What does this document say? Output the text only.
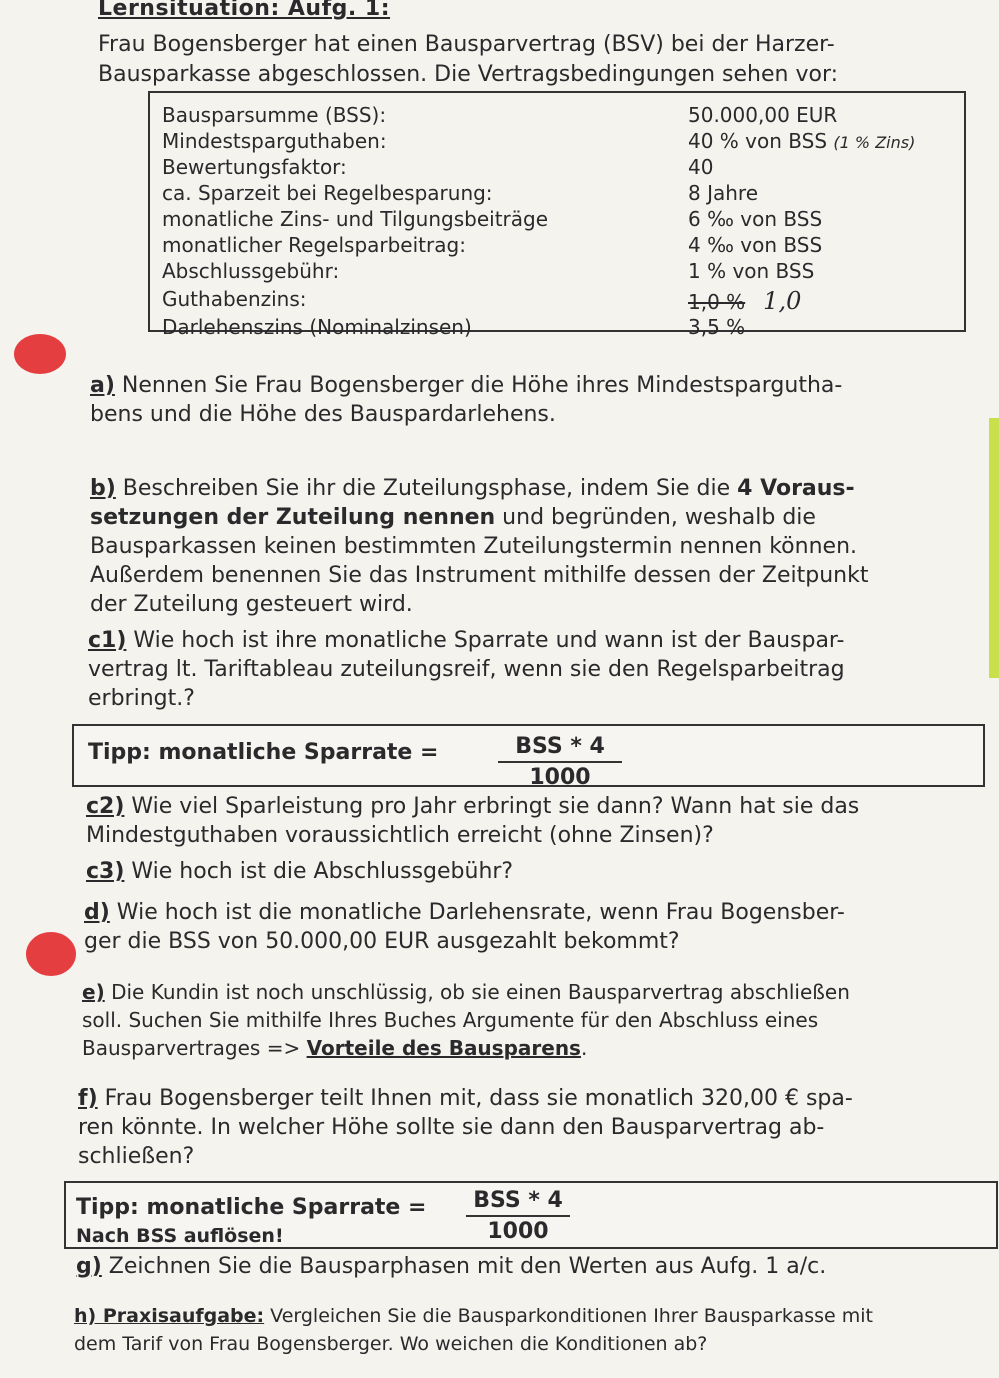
Lernsituation: Aufg. 1:
Frau Bogensberger hat einen Bausparvertrag (BSV) bei der Harzer-
Bausparkasse abgeschlossen. Die Vertragsbedingungen sehen vor:
Bausparsumme (BSS):	50.000,00 EUR
Mindestsparguthaben:	40 % von BSS (1 % Zins)
Bewertungsfaktor:	40
ca. Sparzeit bei Regelbesparung:	8 Jahre
monatliche Zins- und Tilgungsbeiträge	6 ‰ von BSS
monatlicher Regelsparbeitrag:	4 ‰ von BSS
Abschlussgebühr:	1 % von BSS
Guthabenzins:	1,0 % 1,0
Darlehenszins (Nominalzinsen)	3,5 %
a) Nennen Sie Frau Bogensberger die Höhe ihres Mindestspargutha-
bens und die Höhe des Bauspardarlehens.
b) Beschreiben Sie ihr die Zuteilungsphase, indem Sie die 4 Voraus-
setzungen der Zuteilung nennen und begründen, weshalb die
Bausparkassen keinen bestimmten Zuteilungstermin nennen können.
Außerdem benennen Sie das Instrument mithilfe dessen der Zeitpunkt
der Zuteilung gesteuert wird.
c1) Wie hoch ist ihre monatliche Sparrate und wann ist der Bauspar-
vertrag lt. Tariftableau zuteilungsreif, wenn sie den Regelsparbeitrag
erbringt.?
Tipp: monatliche Sparrate =	BSS * 4
1000
c2) Wie viel Sparleistung pro Jahr erbringt sie dann? Wann hat sie das
Mindestguthaben voraussichtlich erreicht (ohne Zinsen)?
c3) Wie hoch ist die Abschlussgebühr?
d) Wie hoch ist die monatliche Darlehensrate, wenn Frau Bogensber-
ger die BSS von 50.000,00 EUR ausgezahlt bekommt?
e) Die Kundin ist noch unschlüssig, ob sie einen Bausparvertrag abschließen
soll. Suchen Sie mithilfe Ihres Buches Argumente für den Abschluss eines
Bausparvertrages => Vorteile des Bausparens.
f) Frau Bogensberger teilt Ihnen mit, dass sie monatlich 320,00 € spa-
ren könnte. In welcher Höhe sollte sie dann den Bausparvertrag ab-
schließen?
Tipp: monatliche Sparrate =
Nach BSS auflösen!
BSS * 4
1000
g) Zeichnen Sie die Bausparphasen mit den Werten aus Aufg. 1 a/c.
h) Praxisaufgabe: Vergleichen Sie die Bausparkonditionen Ihrer Bausparkasse mit
dem Tarif von Frau Bogensberger. Wo weichen die Konditionen ab?
